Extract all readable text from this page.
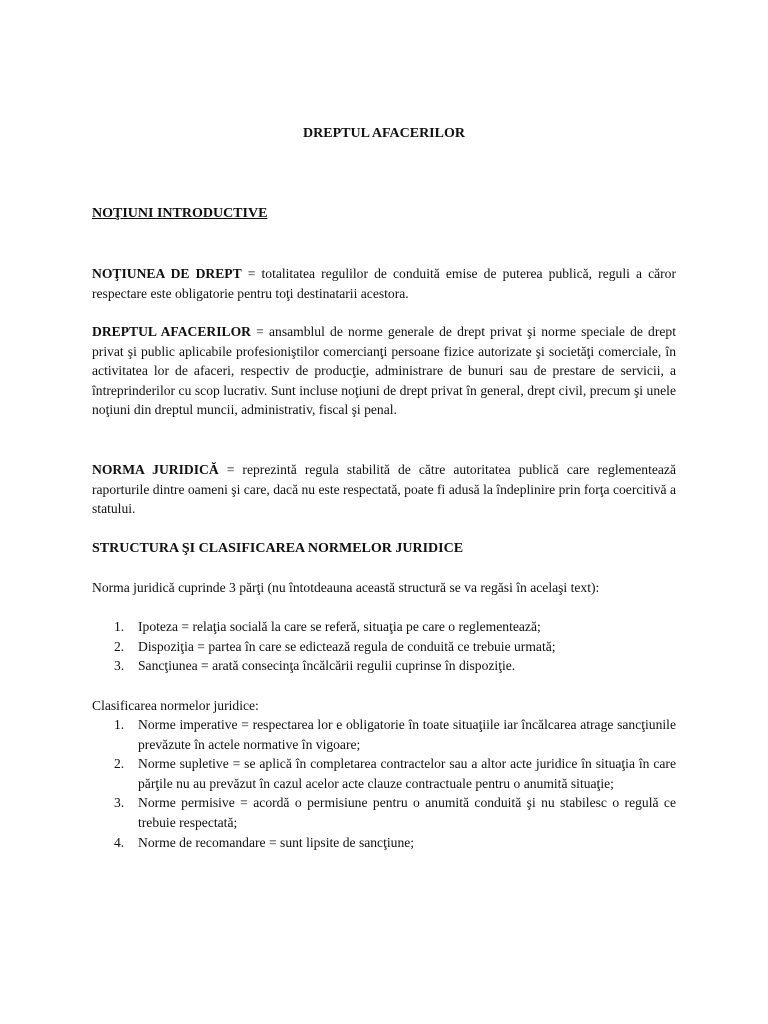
DREPTUL AFACERILOR
NOŢIUNI INTRODUCTIVE
NOŢIUNEA DE DREPT = totalitatea regulilor de conduită emise de puterea publică, reguli a căror respectare este obligatorie pentru toţi destinatarii acestora.
DREPTUL AFACERILOR = ansamblul de norme generale de drept privat şi norme speciale de drept privat şi public aplicabile profesioniştilor comercianţi persoane fizice autorizate şi societăţi comerciale, în activitatea lor de afaceri, respectiv de producţie, administrare de bunuri sau de prestare de servicii, a întreprinderilor cu scop lucrativ. Sunt incluse noţiuni de drept privat în general, drept civil, precum şi unele noţiuni din dreptul muncii, administrativ, fiscal şi penal.
NORMA JURIDICĂ = reprezintă regula stabilită de către autoritatea publică care reglementează raporturile dintre oameni şi care, dacă nu este respectată, poate fi adusă la îndeplinire prin forţa coercitivă a statului.
STRUCTURA ŞI CLASIFICAREA NORMELOR JURIDICE
Norma juridică cuprinde 3 părţi (nu întotdeauna această structură se va regăsi în acelaşi text):
1.	Ipoteza = relaţia socială la care se referă, situaţia pe care o reglementează;
2.	Dispoziţia = partea în care se edictează regula de conduită ce trebuie urmată;
3.	Sancţiunea = arată consecinţa încălcării regulii cuprinse în dispoziţie.
Clasificarea normelor juridice:
1.	Norme imperative = respectarea lor e obligatorie în toate situaţiile iar încălcarea atrage sancţiunile prevăzute în actele normative în vigoare;
2.	Norme supletive = se aplică în completarea contractelor sau a altor acte juridice în situaţia în care părţile nu au prevăzut în cazul acelor acte clauze contractuale pentru o anumită situaţie;
3.	Norme permisive = acordă o permisiune pentru o anumită conduită şi nu stabilesc o regulă ce trebuie respectată;
4.	Norme de recomandare = sunt lipsite de sancţiune;
